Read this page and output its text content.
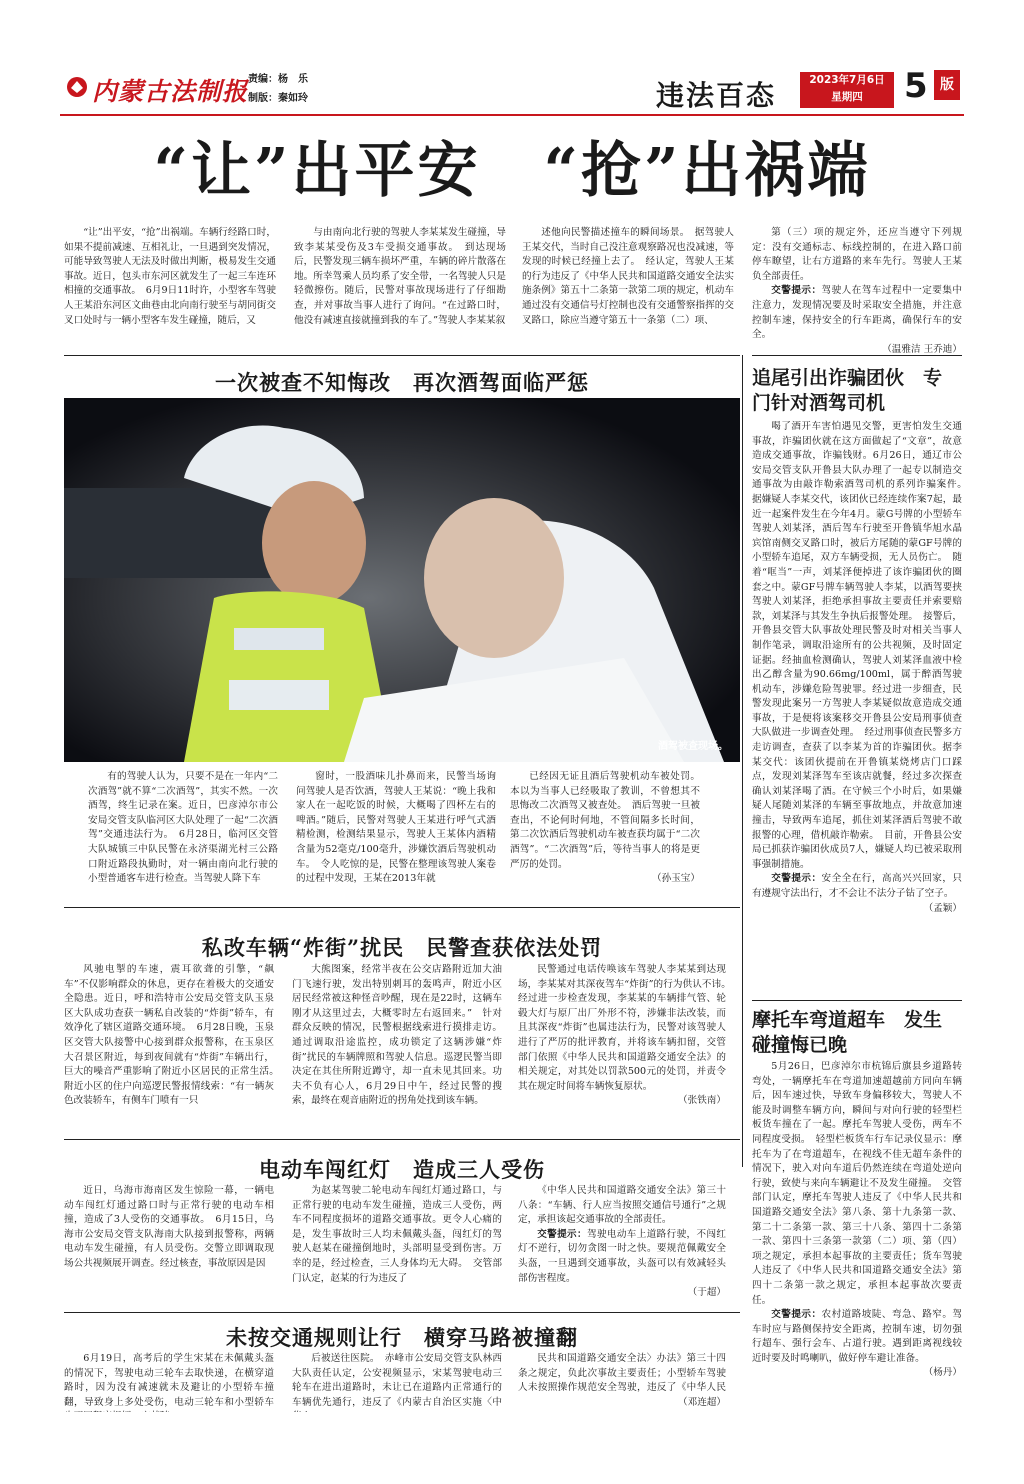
内蒙古法制报 责编：杨　乐
制版：秦如玲	违法百态	2023年7月6日
星期四	5 版
“让”出平安　“抢”出祸端
“让”出平安，“抢”出祸端。车辆行经路口时，如果不提前减速、互相礼让，一旦遇到突发情况，可能导致驾驶人无法及时做出判断，极易发生交通事故。近日，包头市东河区就发生了一起三车连环相撞的交通事故。　6月9日11时许，小型客车驾驶人王某沿东河区文曲巷由北向南行驶至与胡同街交叉口处时与一辆小型客车发生碰撞，随后，又
与由南向北行驶的驾驶人李某某发生碰撞，导致李某某受伤及3车受损交通事故。　到达现场后，民警发现三辆车损坏严重，车辆的碎片散落在地。所幸驾乘人员均系了安全带，一名驾驶人只是轻微擦伤。随后，民警对事故现场进行了仔细勘查，并对事故当事人进行了询问。“在过路口时，他没有减速直接就撞到我的车了。”驾驶人李某某叙
述他向民警描述撞车的瞬间场景。　据驾驶人王某交代，当时自己没注意观察路况也没减速，等发现的时候已经撞上去了。　经认定，驾驶人王某的行为违反了《中华人民共和国道路交通安全法实施条例》第五十二条第一款第二项的规定，机动车通过没有交通信号灯控制也没有交通警察指挥的交叉路口，除应当遵守第五十一条第（二）项、
第（三）项的规定外，还应当遵守下列规定：没有交通标志、标线控制的，在进入路口前停车瞭望，让右方道路的来车先行。驾驶人王某负全部责任。
交警提示：驾驶人在驾车过程中一定要集中注意力，发现情况要及时采取安全措施，并注意控制车速，保持安全的行车距离，确保行车的安全。
（温雅洁 王乔迪）
一次被查不知悔改　再次酒驾面临严惩
酒驾被查现场。
有的驾驶人认为，只要不是在一年内“二次酒驾”就不算“二次酒驾”，其实不然。一次酒驾，终生记录在案。近日，巴彦淖尔市公安局交管支队临河区大队处理了一起“二次酒驾”交通违法行为。　6月28日，临河区交管大队城镇三中队民警在永济渠湖光村三公路口附近路段执勤时，对一辆由南向北行驶的小型普通客车进行检查。当驾驶人降下车
窗时，一股酒味儿扑鼻而来，民警当场询问驾驶人是否饮酒，驾驶人王某说：“晚上我和家人在一起吃饭的时候，大概喝了四杯左右的啤酒。”随后，民警对驾驶人王某进行呼气式酒精检测，检测结果显示，驾驶人王某体内酒精含量为52毫克/100毫升，涉嫌饮酒后驾驶机动车。　令人吃惊的是，民警在整理该驾驶人案卷的过程中发现，王某在2013年就
已经因无证且酒后驾驶机动车被处罚。本以为当事人已经吸取了教训，不曾想其不思悔改二次酒驾又被查处。　酒后驾驶一旦被查出，不论何时何地，不管间隔多长时间，第二次饮酒后驾驶机动车被查获均属于“二次酒驾”。“二次酒驾”后，等待当事人的将是更严厉的处罚。
（孙玉宝）
私改车辆“炸街”扰民　民警查获依法处罚
风驰电掣的车速，震耳欲聋的引擎，“飙车”不仅影响群众的休息，更存在着极大的交通安全隐患。近日，呼和浩特市公安局交管支队玉泉区大队成功查获一辆私自改装的“炸街”轿车，有效净化了辖区道路交通环境。　6月28日晚，玉泉区交管大队接警中心接到群众报警称，在玉泉区大召景区附近，每到夜间就有“炸街”车辆出行，巨大的噪音严重影响了附近小区居民的正常生活。　附近小区的住户向巡逻民警报情线索：“有一辆灰色改装轿车，有侧车门喷有一只
大熊图案，经常半夜在公交店路附近加大油门飞速行驶，发出特别刺耳的轰鸣声，附近小区居民经常被这种怪音吵醒，现在是22时，这辆车刚才从这里过去，大概零时左右返回来。”　针对群众反映的情况，民警根据线索进行摸排走访。通过调取沿途监控，成功锁定了这辆涉嫌“炸街”扰民的车辆牌照和驾驶人信息。巡逻民警当即决定在其住所附近蹲守，却一直未见其回来。功夫不负有心人，6月29日中午，经过民警的搜索，最终在观音庙附近的拐角处找到该车辆。
民警通过电话传唤该车驾驶人李某某到达现场，李某某对其深夜驾车“炸街”的行为供认不讳。　经过进一步检查发现，李某某的车辆排气管、轮毂大灯与原厂出厂外形不符，涉嫌非法改装，而且其深夜“炸街”也属违法行为，民警对该驾驶人进行了严厉的批评教育，并将该车辆扣留，交管部门依照《中华人民共和国道路交通安全法》的相关规定，对其处以罚款500元的处罚，并责令其在规定时间将车辆恢复原状。
（张铁南）
电动车闯红灯　造成三人受伤
近日，乌海市海南区发生惊险一幕，一辆电动车闯红灯通过路口时与正常行驶的电动车相撞，造成了3人受伤的交通事故。　6月15日，乌海市公安局交管支队海南大队接到报警称，两辆电动车发生碰撞，有人员受伤。交警立即调取现场公共视频展开调查。经过核查，事故原因是因
为赵某驾驶二轮电动车闯红灯通过路口，与正常行驶的电动车发生碰撞，造成三人受伤，两车不同程度损坏的道路交通事故。更令人心痛的是，发生事故时三人均未佩戴头盔，闯红灯的驾驶人赵某在碰撞倒地时，头部明显受到伤害。万幸的是，经过检查，三人身体均无大碍。　交管部门认定，赵某的行为违反了
《中华人民共和国道路交通安全法》第三十八条：“车辆、行人应当按照交通信号通行”之规定，承担该起交通事故的全部责任。
交警提示：驾驶电动车上道路行驶，不闯红灯不逆行，切勿贪图一时之快。要规范佩戴安全头盔，一旦遇到交通事故，头盔可以有效减轻头部伤害程度。
（于超）
未按交通规则让行　横穿马路被撞翻
6月19日，高考后的学生宋某在未佩戴头盔的情况下，驾驶电动三轮车去取快递，在横穿道路时，因为没有减速就未及避让的小型轿车撞翻，导致身上多处受伤，电动三轮车和小型轿车
后被送往医院。　赤峰市公安局交管支队林西大队责任认定，公安视频显示，宋某驾驶电动三轮车在进出道路时，未让已在道路内正常通行的车辆优先通行，违反了《内蒙古自治区实施〈中
民共和国道路交通安全法〉办法》第三十四条之规定，负此次事故主要责任；小型轿车驾驶人未按照操作规范安全驾驶，违反了《中华人民
（邓连超）
追尾引出诈骗团伙　专门针对酒驾司机
喝了酒开车害怕遇见交警，更害怕发生交通事故，诈骗团伙就在这方面做起了“文章”，故意造成交通事故，诈骗钱财。6月26日，通辽市公安局交管支队开鲁县大队办理了一起专以制造交通事故为由敲诈勒索酒驾司机的系列诈骗案件。　据嫌疑人李某交代，该团伙已经连续作案7起，最近一起案件发生在今年4月。蒙G号牌的小型轿车驾驶人刘某泽，酒后驾车行驶至开鲁镇华旭水晶宾馆南侧交叉路口时，被后方尾随的蒙GF号牌的小型轿车追尾，双方车辆受损，无人员伤亡。　随着“哐当”一声，刘某泽便掉进了该诈骗团伙的圈套之中。蒙GF号牌车辆驾驶人李某，以酒驾要挟驾驶人刘某泽，拒绝承担事故主要责任并索要赔款，刘某泽与其发生争执后报警处理。　接警后，开鲁县交管大队事故处理民警及时对相关当事人制作笔录，调取沿途所有的公共视频，及时固定证据。经抽血检测确认，驾驶人刘某泽血液中检出乙醇含量为90.66mg/100ml，属于醉酒驾驶机动车，涉嫌危险驾驶罪。经过进一步细查，民警发现此案另一方驾驶人李某疑似故意造成交通事故，于是便将该案移交开鲁县公安局刑事侦查大队做进一步调查处理。　经过刑事侦查民警多方走访调查，查获了以李某为首的诈骗团伙。据李某交代：该团伙提前在开鲁镇某烧烤店门口踩点，发现刘某泽驾车至该店就餐，经过多次探查确认刘某泽喝了酒。在守候三个小时后，如果嫌疑人尾随刘某泽的车辆至事故地点，并故意加速撞击，导致两车追尾，抓住刘某泽酒后驾驶不敢报警的心理，借机敲诈勒索。　目前，开鲁县公安局已抓获诈骗团伙成员7人，嫌疑人均已被采取刑事强制措施。
交警提示：安全全在行，高高兴兴回家，只有遵规守法出行，才不会让不法分子钻了空子。
（孟颖）
摩托车弯道超车　发生碰撞悔已晚
5月26日，巴彦淖尔市杭锦后旗县乡道路转弯处，一辆摩托车在弯道加速超越前方同向车辆后，因车速过快，导致车身偏移较大，驾驶人不能及时调整车辆方向，瞬间与对向行驶的轻型栏板货车撞在了一起。摩托车驾驶人受伤，两车不同程度受损。　轻型栏板货车行车记录仪显示：摩托车为了在弯道超车，在视线不佳无超车条件的情况下，驶入对向车道后仍然连续在弯道处逆向行驶，致使与来向车辆避让不及发生碰撞。　交管部门认定，摩托车驾驶人违反了《中华人民共和国道路交通安全法》第八条、第十九条第一款、第二十二条第一款、第三十八条、第四十二条第一款、第四十三条第一款第（二）项、第（四）项之规定，承担本起事故的主要责任；货车驾驶人违反了《中华人民共和国道路交通安全法》第四十二条第一款之规定，承担本起事故次要责任。
交警提示：农村道路坡陡、弯急、路窄。驾车时应与路侧保持安全距离，控制车速，切勿强行超车、强行会车、占道行驶。遇到距离视线较近时要及时鸣喇叭，做好停车避让准备。
（杨丹）
